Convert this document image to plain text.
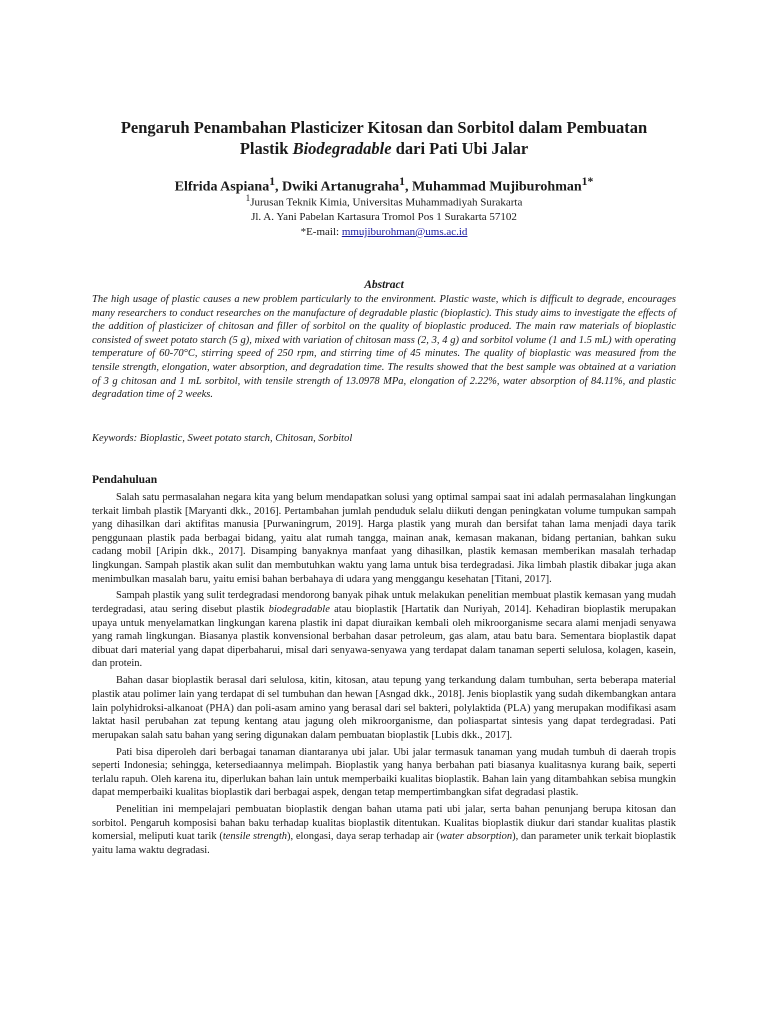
Pengaruh Penambahan Plasticizer Kitosan dan Sorbitol dalam Pembuatan
Plastik Biodegradable dari Pati Ubi Jalar
Elfrida Aspiana$^1$, Dwiki Artanugraha$^1$, Muhammad Mujiburohman$^{1*}$
$^1$Jurusan Teknik Kimia, Universitas Muhammadiyah Surakarta
Jl. A. Yani Pabelan Kartasura Tromol Pos 1 Surakarta 57102
*E-mail: mmujiburohman@ums.ac.id
Abstract
The high usage of plastic causes a new problem particularly to the environment. Plastic waste, which is difficult to degrade, encourages many researchers to conduct researches on the manufacture of degradable plastic (bioplastic). This study aims to investigate the effects of the addition of plasticizer of chitosan and filler of sorbitol on the quality of bioplastic produced. The main raw materials of bioplastic consisted of sweet potato starch (5 g), mixed with variation of chitosan mass (2, 3, 4 g) and sorbitol volume (1 and 1.5 mL) with operating temperature of 60-70°C, stirring speed of 250 rpm, and stirring time of 45 minutes. The quality of bioplastic was measured from the tensile strength, elongation, water absorption, and degradation time. The results showed that the best sample was obtained at a variation of 3 g chitosan and 1 mL sorbitol, with tensile strength of 13.0978 MPa, elongation of 2.22%, water absorption of 84.11%, and plastic degradation time of 2 weeks.
Keywords: Bioplastic, Sweet potato starch, Chitosan, Sorbitol
Pendahuluan

Salah satu permasalahan negara kita yang belum mendapatkan solusi yang optimal sampai saat ini adalah permasalahan lingkungan terkait limbah plastik [Maryanti dkk., 2016]. Pertambahan jumlah penduduk selalu diikuti dengan peningkatan volume tumpukan sampah yang dihasilkan dari aktifitas manusia [Purwaningrum, 2019]. Harga plastik yang murah dan bersifat tahan lama menjadi daya tarik penggunaan plastik pada berbagai bidang, yaitu alat rumah tangga, mainan anak, kemasan makanan, bidang pertanian, bahkan suku cadang mobil [Aripin dkk., 2017]. Disamping banyaknya manfaat yang dihasilkan, plastik kemasan memberikan masalah terhadap lingkungan. Sampah plastik akan sulit dan membutuhkan waktu yang lama untuk bisa terdegradasi. Jika limbah plastik dibakar juga akan menimbulkan masalah baru, yaitu emisi bahan berbahaya di udara yang menggangu kesehatan [Titani, 2017].

Sampah plastik yang sulit terdegradasi mendorong banyak pihak untuk melakukan penelitian membuat plastik kemasan yang mudah terdegradasi, atau sering disebut plastik biodegradable atau bioplastik [Hartatik dan Nuriyah, 2014]. Kehadiran bioplastik merupakan upaya untuk menyelamatkan lingkungan karena plastik ini dapat diuraikan kembali oleh mikroorganisme secara alami menjadi senyawa yang ramah lingkungan. Biasanya plastik konvensional berbahan dasar petroleum, gas alam, atau batu bara. Sementara bioplastik dapat dibuat dari material yang dapat diperbaharui, misal dari senyawa-senyawa yang terdapat dalam tanaman seperti selulosa, kolagen, kasein, dan protein.

Bahan dasar bioplastik berasal dari selulosa, kitin, kitosan, atau tepung yang terkandung dalam tumbuhan, serta beberapa material plastik atau polimer lain yang terdapat di sel tumbuhan dan hewan [Asngad dkk., 2018]. Jenis bioplastik yang sudah dikembangkan antara lain polyhidroksi-alkanoat (PHA) dan poli-asam amino yang berasal dari sel bakteri, polylaktida (PLA) yang merupakan modifikasi asam laktat hasil perubahan zat tepung kentang atau jagung oleh mikroorganisme, dan poliaspartat sintesis yang dapat terdegradasi. Pati merupakan salah satu bahan yang sering digunakan dalam pembuatan bioplastik [Lubis dkk., 2017].

Pati bisa diperoleh dari berbagai tanaman diantaranya ubi jalar. Ubi jalar termasuk tanaman yang mudah tumbuh di daerah tropis seperti Indonesia; sehingga, ketersediaannya melimpah. Bioplastik yang hanya berbahan pati biasanya kualitasnya kurang baik, seperti terlalu rapuh. Oleh karena itu, diperlukan bahan lain untuk memperbaiki kualitas bioplastik. Bahan lain yang ditambahkan sebisa mungkin dapat memperbaiki kualitas bioplastik dari berbagai aspek, dengan tetap mempertimbangkan sifat degradasi plastik.

Penelitian ini mempelajari pembuatan bioplastik dengan bahan utama pati ubi jalar, serta bahan penunjang berupa kitosan dan sorbitol. Pengaruh komposisi bahan baku terhadap kualitas bioplastik ditentukan. Kualitas bioplastik diukur dari standar kualitas plastik komersial, meliputi kuat tarik (tensile strength), elongasi, daya serap terhadap air (water absorption), dan parameter unik terkait bioplastik yaitu lama waktu degradasi.
